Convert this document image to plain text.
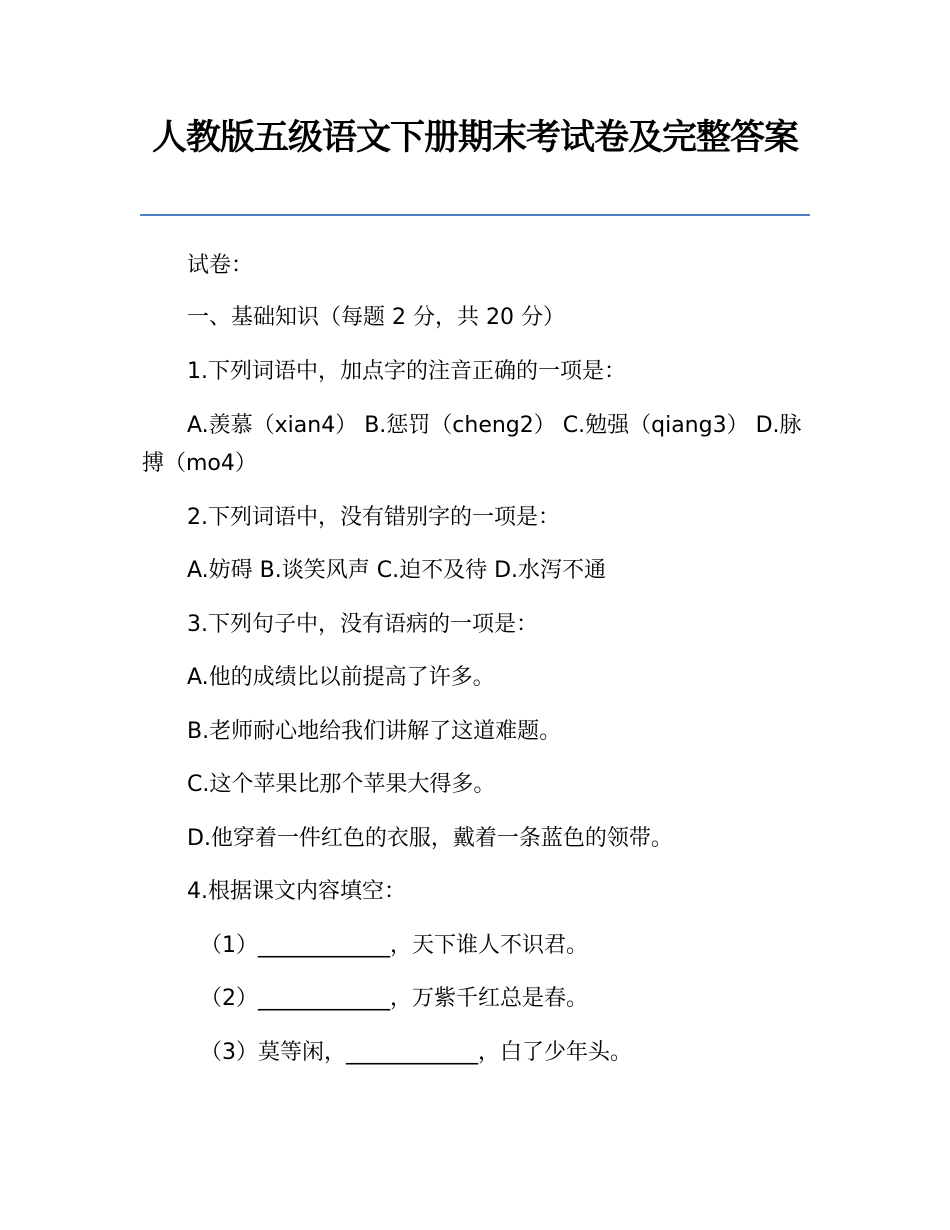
人教版五级语文下册期末考试卷及完整答案
试卷：
一、基础知识（每题 2 分，共 20 分）
1.下列词语中，加点字的注音正确的一项是：
A.羡慕（xian4） B.惩罚（cheng2） C.勉强（qiang3） D.脉搏（mo4）
2.下列词语中，没有错别字的一项是：
A.妨碍 B.谈笑风声 C.迫不及待 D.水泻不通
3.下列句子中，没有语病的一项是：
A.他的成绩比以前提高了许多。
B.老师耐心地给我们讲解了这道难题。
C.这个苹果比那个苹果大得多。
D.他穿着一件红色的衣服，戴着一条蓝色的领带。
4.根据课文内容填空：
（1）____________，天下谁人不识君。
（2）____________，万紫千红总是春。
（3）莫等闲，____________，白了少年头。
